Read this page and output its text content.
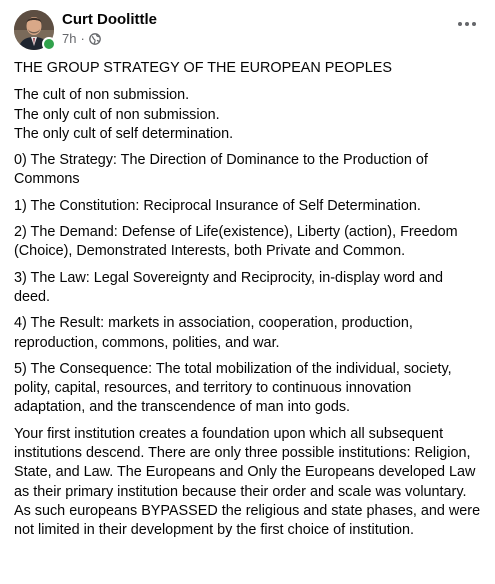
Curt Doolittle
7h ·

THE GROUP STRATEGY OF THE EUROPEAN PEOPLES

The cult of non submission.
The only cult of non submission.
The only cult of self determination.

0) The Strategy: The Direction of Dominance to the Production of Commons

1) The Constitution: Reciprocal Insurance of Self Determination.

2) The Demand: Defense of Life(existence), Liberty (action), Freedom (Choice), Demonstrated Interests, both Private and Common.

3) The Law: Legal Sovereignty and Reciprocity, in-display word and deed.

4) The Result: markets in association, cooperation, production, reproduction, commons, polities, and war.

5) The Consequence: The total mobilization of the individual, society, polity, capital, resources, and territory to continuous innovation adaptation, and the transcendence of man into gods.

Your first institution creates a foundation upon which all subsequent institutions descend. There are only three possible institutions: Religion, State, and Law. The Europeans and Only the Europeans developed Law as their primary institution because their order and scale was voluntary. As such europeans BYPASSED the religious and state phases, and were not limited in their development by the first choice of institution.
